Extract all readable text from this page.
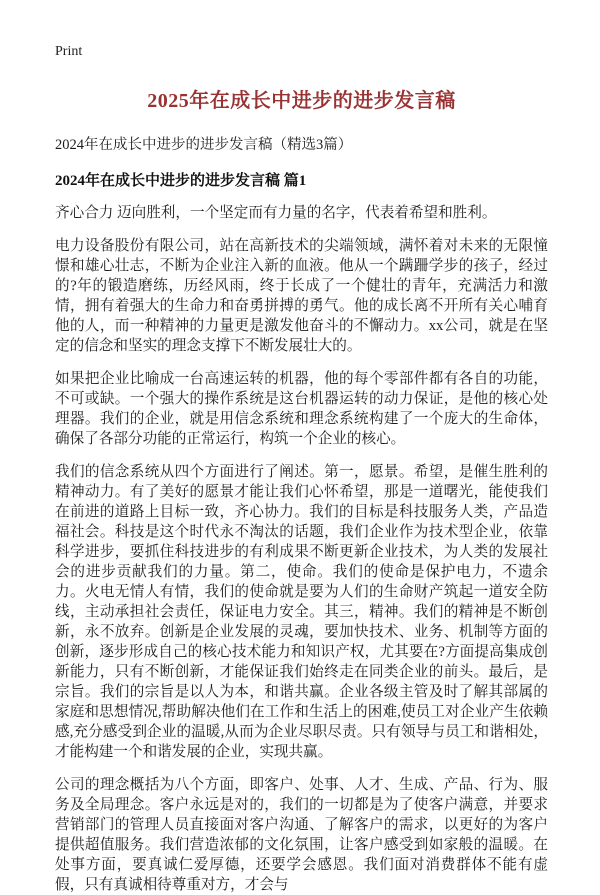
Print
2025年在成长中进步的进步发言稿
2024年在成长中进步的进步发言稿（精选3篇）
2024年在成长中进步的进步发言稿 篇1

齐心合力 迈向胜利，一个坚定而有力量的名字，代表着希望和胜利。

电力设备股份有限公司，站在高新技术的尖端领域，满怀着对未来的无限憧憬和雄心壮志，不断为企业注入新的血液。他从一个蹒跚学步的孩子，经过的?年的锻造磨练，历经风雨，终于长成了一个健壮的青年，充满活力和激情，拥有着强大的生命力和奋勇拼搏的勇气。他的成长离不开所有关心哺育他的人，而一种精神的力量更是激发他奋斗的不懈动力。xx公司，就是在坚定的信念和坚实的理念支撑下不断发展壮大的。

如果把企业比喻成一台高速运转的机器，他的每个零部件都有各自的功能，不可或缺。一个强大的操作系统是这台机器运转的动力保证，是他的核心处理器。我们的企业，就是用信念系统和理念系统构建了一个庞大的生命体，确保了各部分功能的正常运行，构筑一个企业的核心。

我们的信念系统从四个方面进行了阐述。第一，愿景。希望，是催生胜利的精神动力。有了美好的愿景才能让我们心怀希望，那是一道曙光，能使我们在前进的道路上目标一致，齐心协力。我们的目标是科技服务人类，产品造福社会。科技是这个时代永不淘汰的话题，我们企业作为技术型企业，依靠科学进步，要抓住科技进步的有利成果不断更新企业技术，为人类的发展社会的进步贡献我们的力量。第二，使命。我们的使命是保护电力，不遗余力。火电无情人有情，我们的使命就是要为人们的生命财产筑起一道安全防线，主动承担社会责任，保证电力安全。其三，精神。我们的精神是不断创新，永不放弃。创新是企业发展的灵魂，要加快技术、业务、机制等方面的创新，逐步形成自己的核心技术能力和知识产权，尤其要在?方面提高集成创新能力，只有不断创新，才能保证我们始终走在同类企业的前头。最后，是宗旨。我们的宗旨是以人为本，和谐共赢。企业各级主管及时了解其部属的家庭和思想情况,帮助解决他们在工作和生活上的困难,使员工对企业产生依赖感,充分感受到企业的温暖,从而为企业尽职尽责。只有领导与员工和谐相处，才能构建一个和谐发展的企业，实现共赢。

公司的理念概括为八个方面，即客户、处事、人才、生成、产品、行为、服务及全局理念。客户永远是对的，我们的一切都是为了使客户满意，并要求营销部门的管理人员直接面对客户沟通、了解客户的需求，以更好的为客户提供超值服务。我们营造浓郁的文化氛围，让客户感受到如家般的温暖。在处事方面，要真诚仁爱厚德，还要学会感恩。我们面对消费群体不能有虚假，只有真诚相待尊重对方，才会与
